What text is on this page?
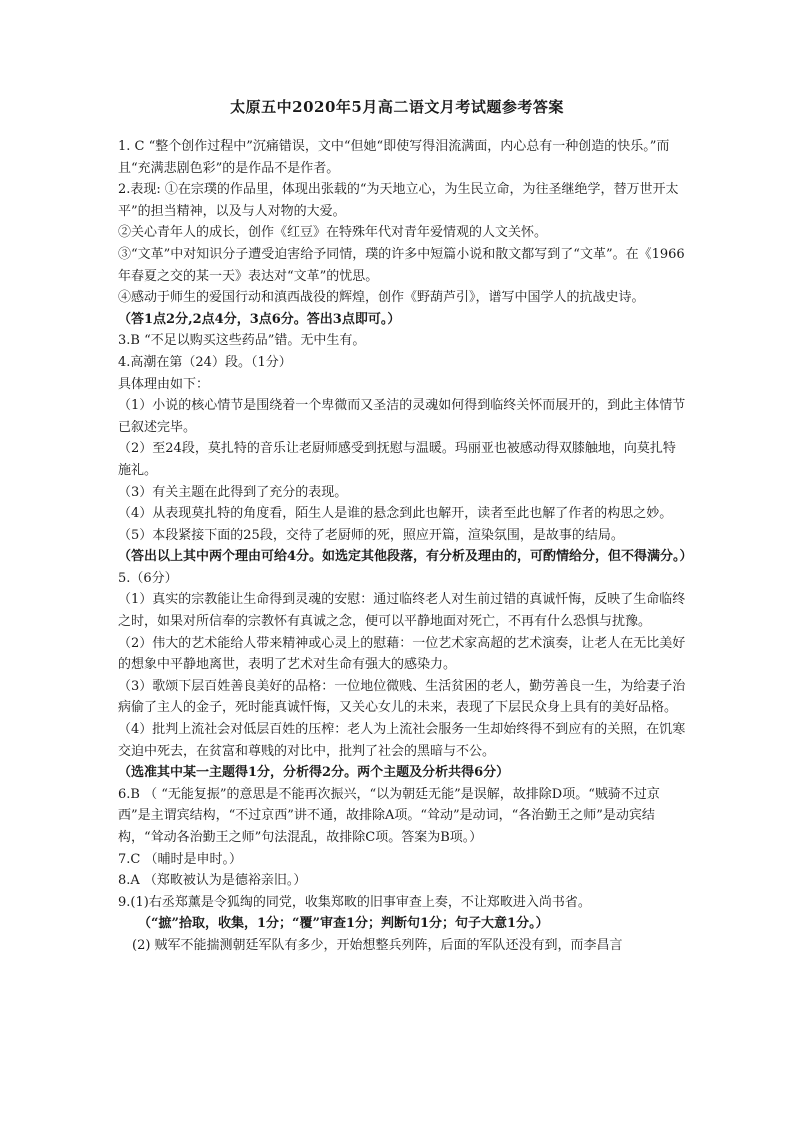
太原五中2020年5月高二语文月考试题参考答案

1. C “整个创作过程中”沉痛错误，文中“但她“即使写得泪流满面，内心总有一种创造的快乐。”而且“充满悲剧色彩”的是作品不是作者。

2.表现: ①在宗璞的作品里，体现出张载的“为天地立心，为生民立命，为往圣继绝学，替万世开太平”的担当精神，以及与人对物的大爱。

②关心青年人的成长，创作《红豆》在特殊年代对青年爱情观的人文关怀。

③“文革”中对知识分子遭受迫害给予同情，璞的许多中短篇小说和散文都写到了“文革”。在《1966年春夏之交的某一天》表达对“文革”的忧思。

④感动于师生的爱国行动和滇西战役的辉煌，创作《野葫芦引》，谱写中国学人的抗战史诗。

（答1点2分,2点4分，3点6分。答出3点即可。）

3.B “不足以购买这些药品”错。无中生有。

4.高潮在第（24）段。（1分）

具体理由如下：

（1）小说的核心情节是围绕着一个卑微而又圣洁的灵魂如何得到临终关怀而展开的，到此主体情节已叙述完毕。

（2）至24段，莫扎特的音乐让老厨师感受到抚慰与温暖。玛丽亚也被感动得双膝触地，向莫扎特施礼。

（3）有关主题在此得到了充分的表现。

（4）从表现莫扎特的角度看，陌生人是谁的悬念到此也解开，读者至此也解了作者的构思之妙。

（5）本段紧接下面的25段，交待了老厨师的死，照应开篇，渲染氛围，是故事的结局。

（答出以上其中两个理由可给4分。如选定其他段落，有分析及理由的，可酌情给分，但不得满分。）

5.（6分）

（1）真实的宗教能让生命得到灵魂的安慰：通过临终老人对生前过错的真诚忏悔，反映了生命临终之时，如果对所信奉的宗教怀有真诚之念，便可以平静地面对死亡，不再有什么恐惧与扰豫。

（2）伟大的艺术能给人带来精神或心灵上的慰藉：一位艺术家高超的艺术演奏，让老人在无比美好的想象中平静地离世，表明了艺术对生命有强大的感染力。

（3）歌颂下层百姓善良美好的品格：一位地位微贱、生活贫困的老人，勤劳善良一生，为给妻子治病偷了主人的金子，死时能真诚忏悔，又关心女儿的未来，表现了下层民众身上具有的美好品格。

（4）批判上流社会对低层百姓的压榨：老人为上流社会服务一生却始终得不到应有的关照，在饥寒交迫中死去，在贫富和尊贱的对比中，批判了社会的黑暗与不公。

（选准其中某一主题得1分，分析得2分。两个主题及分析共得6分）

6.B （ “无能复振”的意思是不能再次振兴，“以为朝廷无能”是误解，故排除D项。“贼骑不过京西”是主谓宾结构，“不过京西”讲不通，故排除A项。“耸动”是动词，“各治勤王之师”是动宾结构，“耸动各治勤王之师”句法混乱，故排除C项。答案为B项。）

7.C （晡时是申时。）

8.A （郑畋被认为是德裕亲旧。）

9.(1)右丞郑薰是令狐绹的同党，收集郑畋的旧事审查上奏，不让郑畋进入尚书省。

（“摭”拾取，收集，1分；“覆”审查1分；判断句1分；句子大意1分。）

(2) 贼军不能揣测朝廷军队有多少，开始想整兵列阵，后面的军队还没有到，而李昌言
